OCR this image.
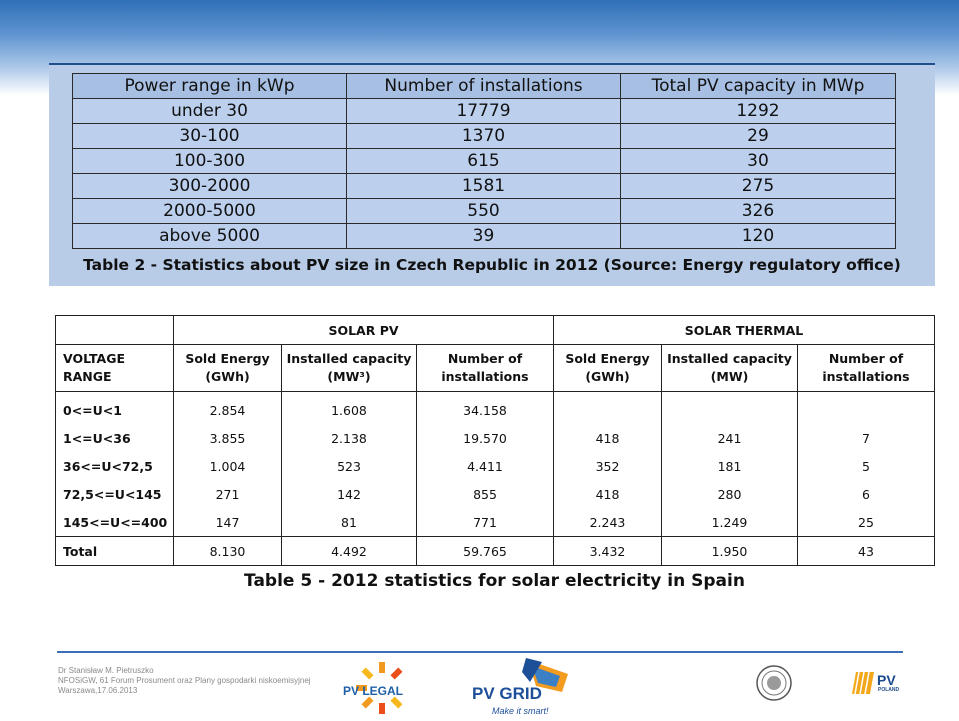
Power range in kWp	Number of installations	Total PV capacity in MWp
under 30	17779	1292
30-100	1370	29
100-300	615	30
300-2000	1581	275
2000-5000	550	326
above 5000	39	120
Table 2 - Statistics about PV size in Czech Republic in 2012 (Source: Energy regulatory office)
	SOLAR PV			SOLAR THERMAL		
VOLTAGE RANGE	Sold Energy (GWh)	Installed capacity (MW³)	Number of installations	Sold Energy (GWh)	Installed capacity (MW)	Number of installations
0<=U<1	2.854	1.608	34.158			
1<=U<36	3.855	2.138	19.570	418	241	7
36<=U<72,5	1.004	523	4.411	352	181	5
72,5<=U<145	271	142	855	418	280	6
145<=U<=400	147	81	771	2.243	1.249	25
Total	8.130	4.492	59.765	3.432	1.950	43
Table 5 - 2012 statistics for solar electricity in Spain
Dr Stanisław M. Pietruszko
NFOSiGW, 61 Forum Prosument oraz Plany gospodarki niskoemisyjnej
Warszawa,17.06.2013	PV LEGAL	PV GRID
Make it smart!
PV
POLAND
